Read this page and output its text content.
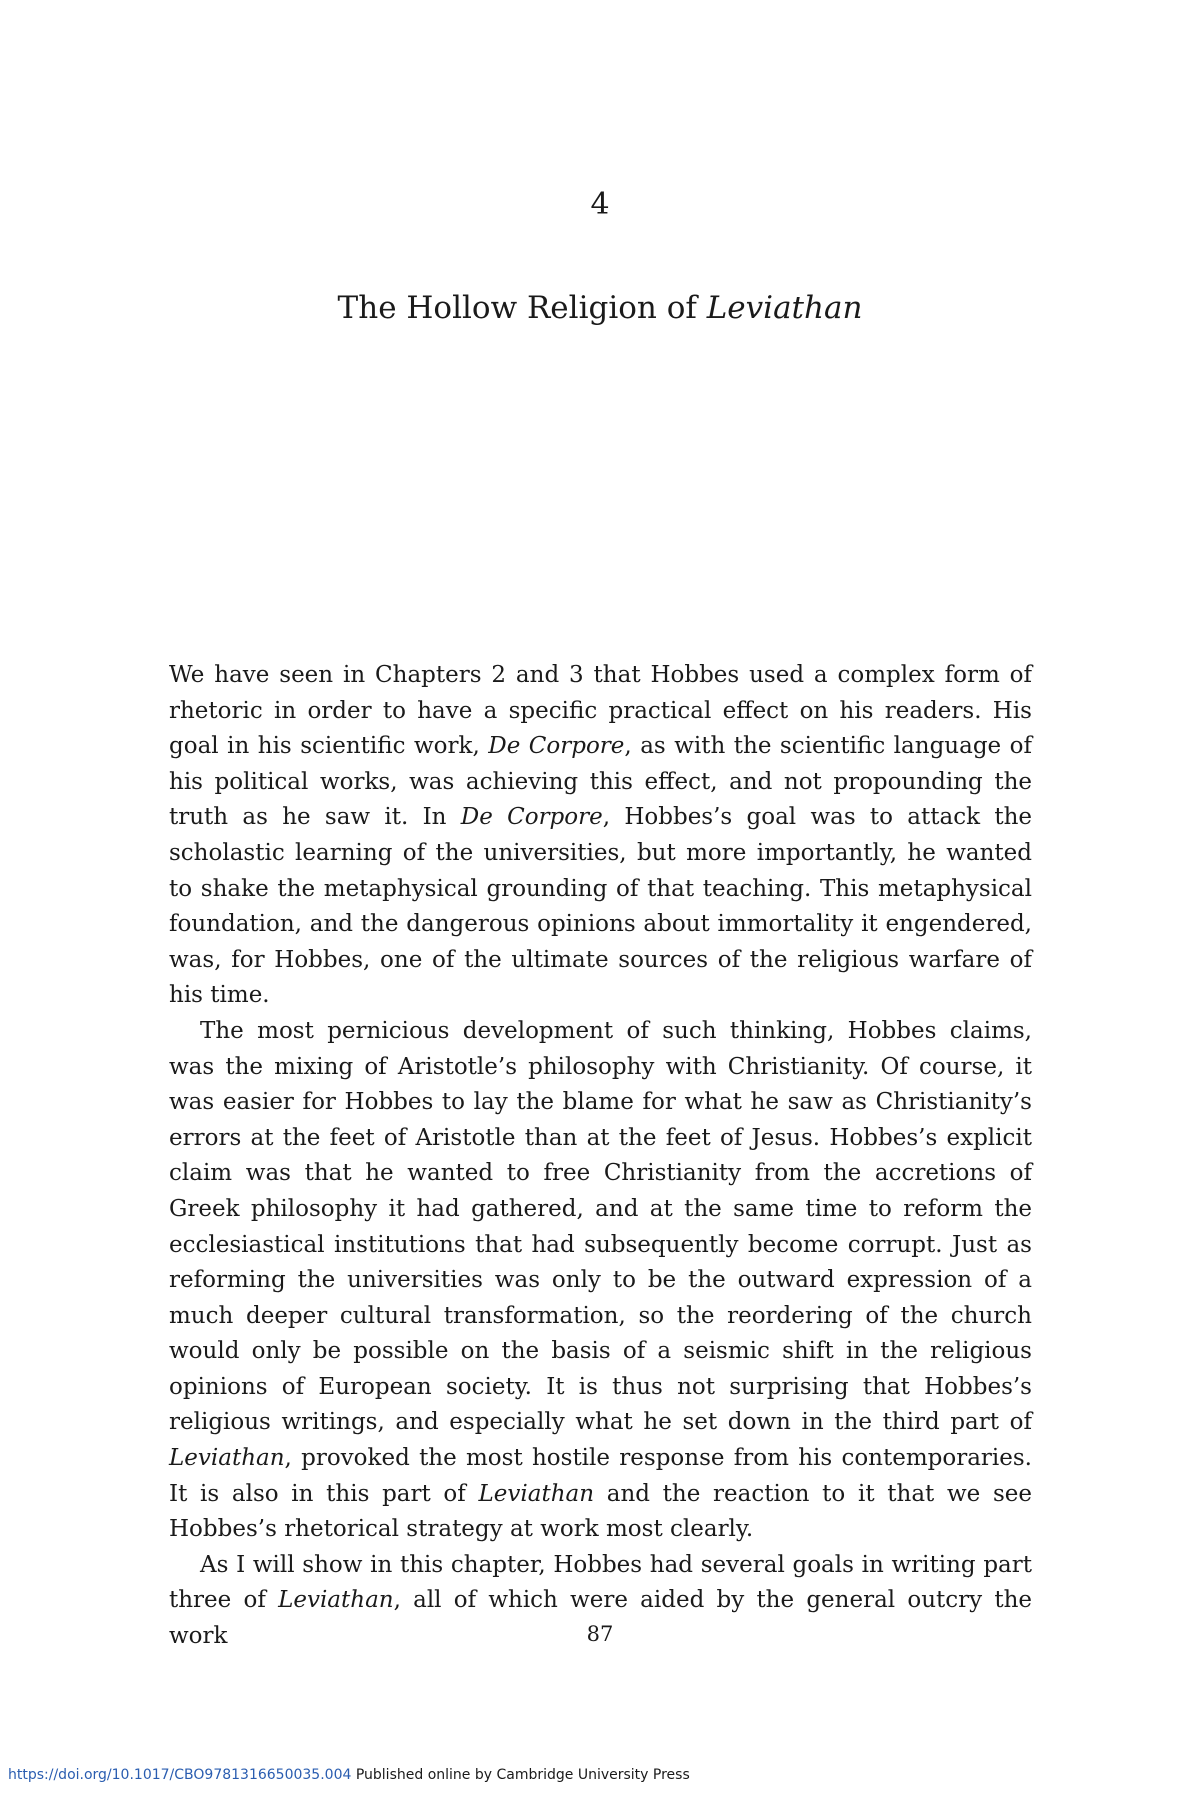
4
The Hollow Religion of Leviathan

We have seen in Chapters 2 and 3 that Hobbes used a complex form of rhetoric in order to have a specific practical effect on his readers. His goal in his scientific work, De Corpore, as with the scientific language of his political works, was achieving this effect, and not propounding the truth as he saw it. In De Corpore, Hobbes’s goal was to attack the scholastic learning of the universities, but more importantly, he wanted to shake the metaphysical grounding of that teaching. This metaphysical foundation, and the dangerous opinions about immortality it engendered, was, for Hobbes, one of the ultimate sources of the religious warfare of his time.

The most pernicious development of such thinking, Hobbes claims, was the mixing of Aristotle’s philosophy with Christianity. Of course, it was easier for Hobbes to lay the blame for what he saw as Christianity’s errors at the feet of Aristotle than at the feet of Jesus. Hobbes’s explicit claim was that he wanted to free Christianity from the accretions of Greek philosophy it had gathered, and at the same time to reform the ecclesiastical institutions that had subsequently become corrupt. Just as reforming the universities was only to be the outward expression of a much deeper cultural transformation, so the reordering of the church would only be possible on the basis of a seismic shift in the religious opinions of European society. It is thus not surprising that Hobbes’s religious writings, and especially what he set down in the third part of Leviathan, provoked the most hostile response from his contemporaries. It is also in this part of Leviathan and the reaction to it that we see Hobbes’s rhetorical strategy at work most clearly.

As I will show in this chapter, Hobbes had several goals in writing part three of Leviathan, all of which were aided by the general outcry the work	87
https://doi.org/10.1017/CBO9781316650035.004 Published online by Cambridge University Press
